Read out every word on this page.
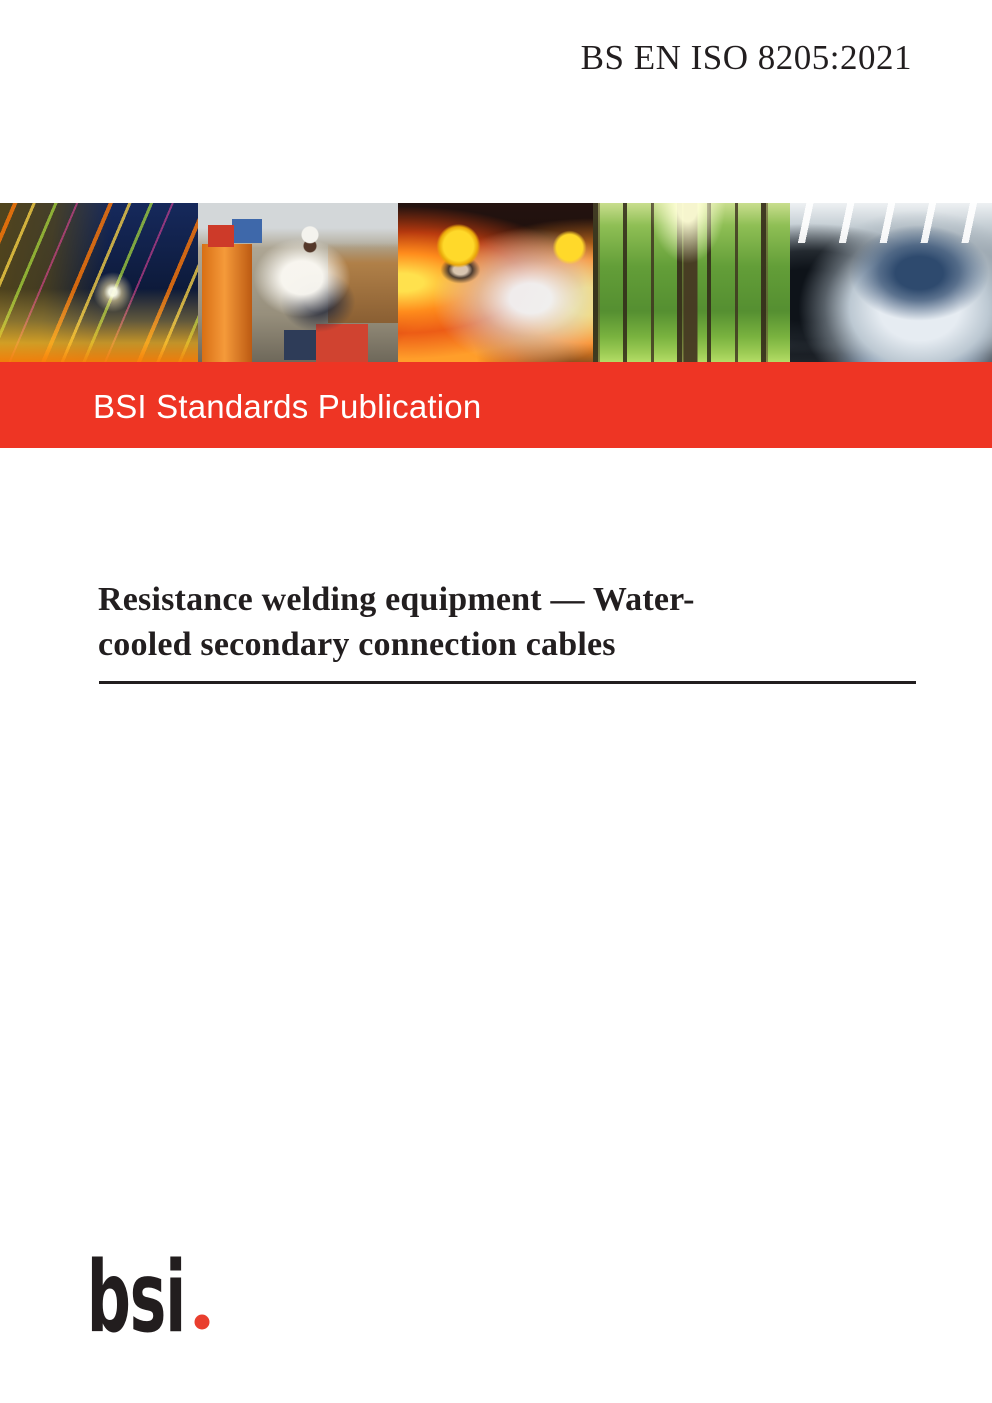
BS EN ISO 8205:2021
BSI Standards Publication
Resistance welding equipment — Water-
cooled secondary connection cables
bsi
